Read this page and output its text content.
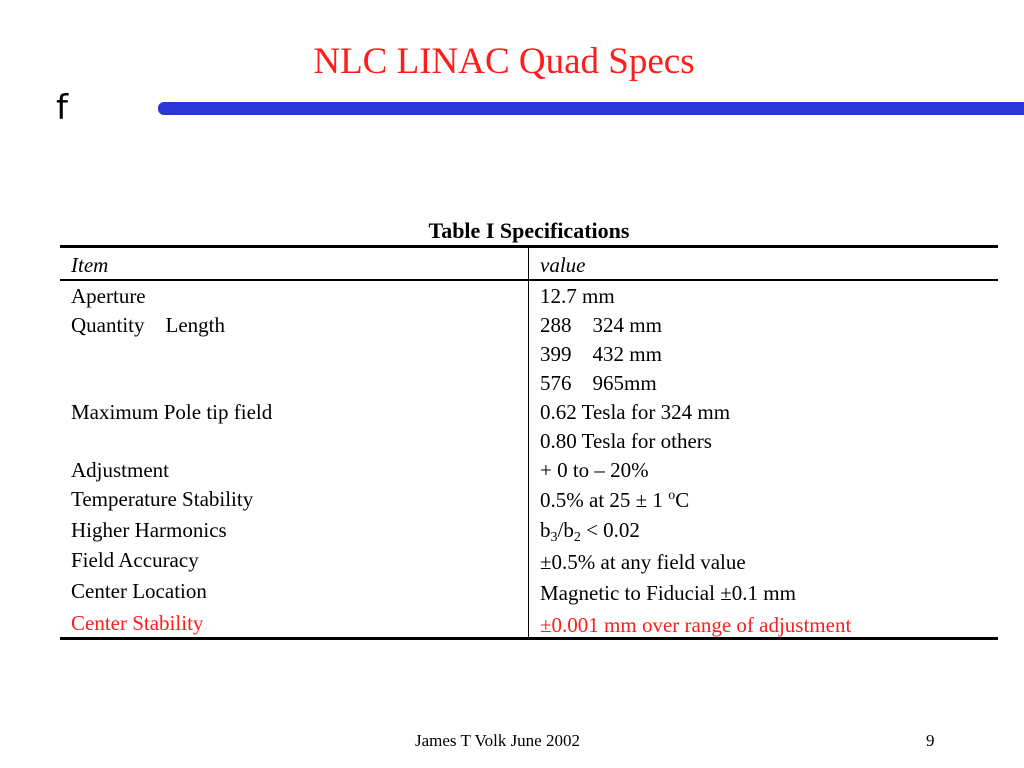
NLC LINAC Quad Specs
f
Table I Specifications
Item	value
Aperture	12.7 mm
Quantity    Length	288    324 mm
399    432 mm
576    965mm
Maximum Pole tip field	0.62 Tesla for 324 mm
0.80 Tesla for others
Adjustment	+ 0 to – 20%
Temperature Stability	0.5% at 25 ± 1 $^o$C
Higher Harmonics	$b_3/b_2 < 0.02$
Field Accuracy	±0.5% at any field value
Center Location	Magnetic to Fiducial ±0.1 mm
Center Stability	±0.001 mm over range of adjustment
James T Volk June 2002	9
